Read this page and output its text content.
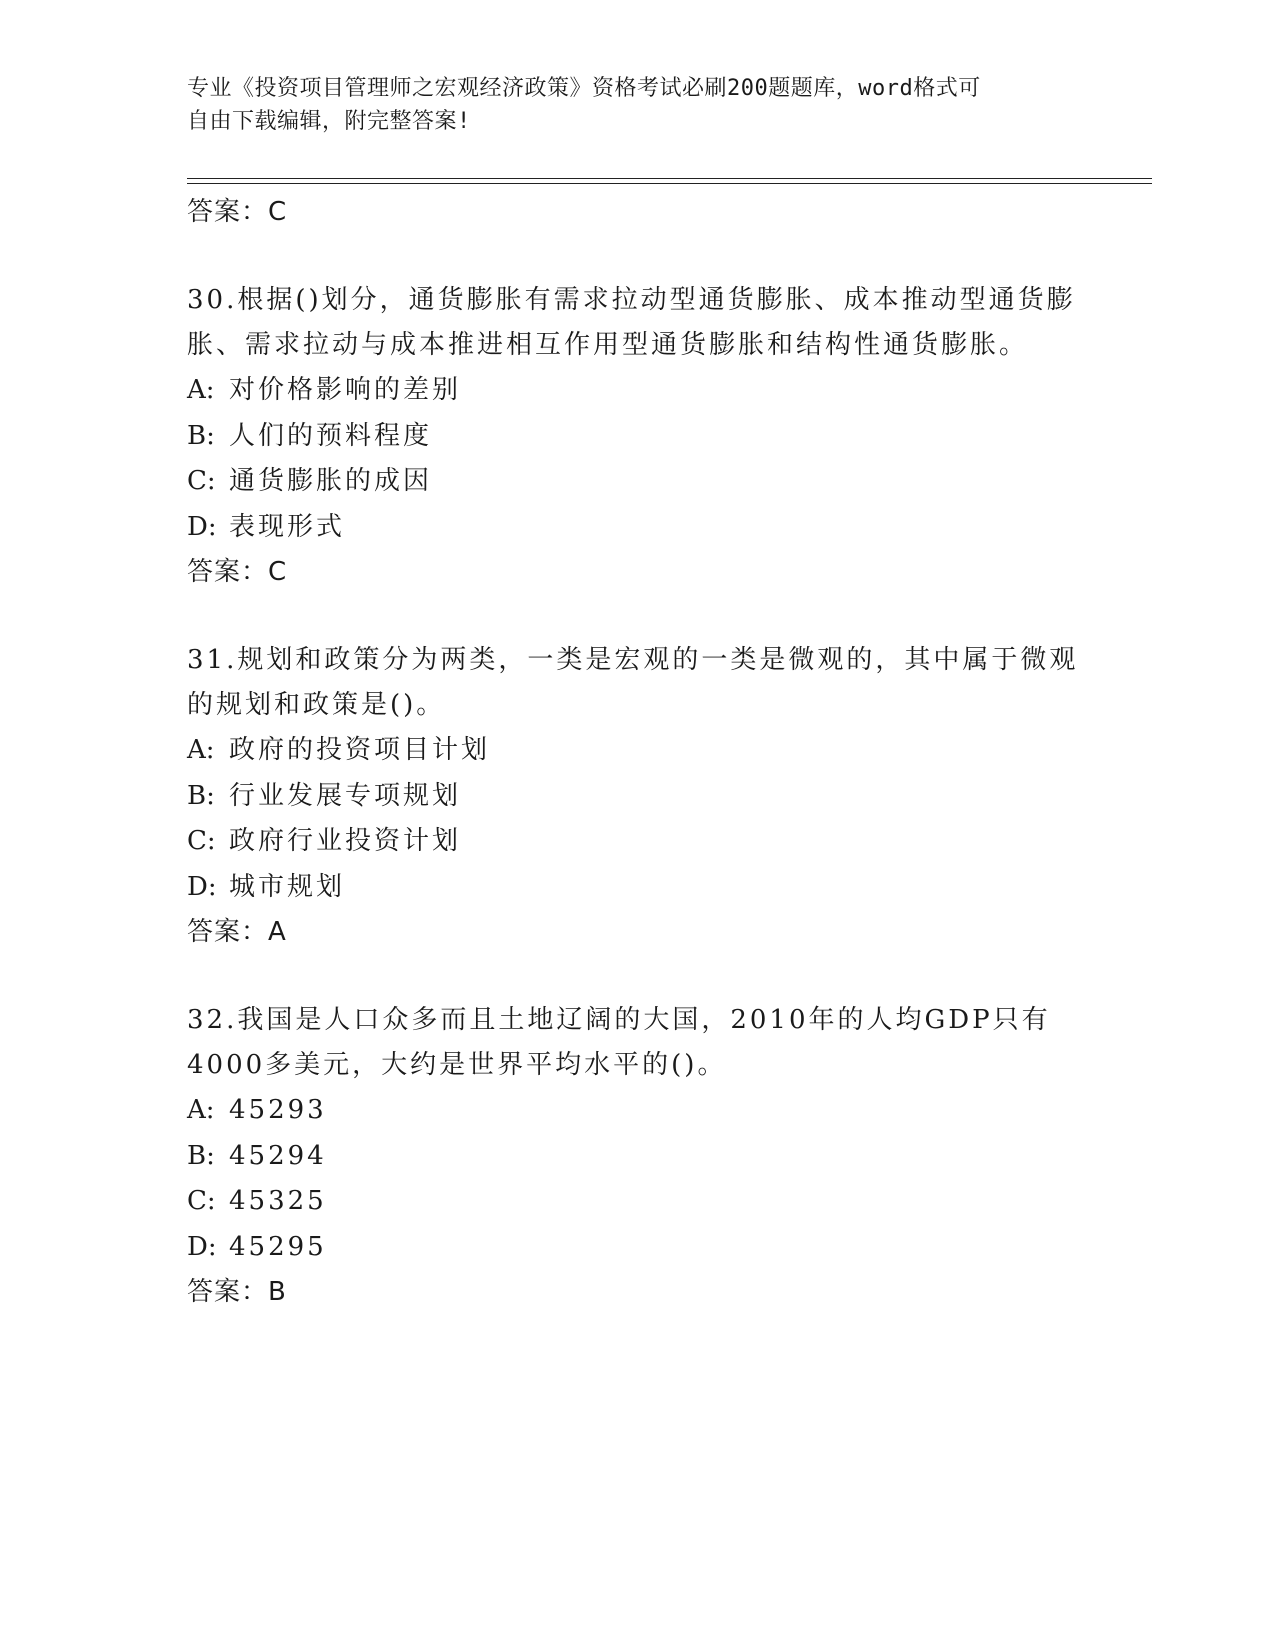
专业《投资项目管理师之宏观经济政策》资格考试必刷200题题库，word格式可
自由下载编辑，附完整答案!
答案：C
30.根据()划分，通货膨胀有需求拉动型通货膨胀、成本推动型通货膨
胀、需求拉动与成本推进相互作用型通货膨胀和结构性通货膨胀。
A: 对价格影响的差别
B: 人们的预料程度
C: 通货膨胀的成因
D: 表现形式
答案：C
31.规划和政策分为两类，一类是宏观的一类是微观的，其中属于微观
的规划和政策是()。
A: 政府的投资项目计划
B: 行业发展专项规划
C: 政府行业投资计划
D: 城市规划
答案：A
32.我国是人口众多而且土地辽阔的大国，2010年的人均GDP只有
4000多美元，大约是世界平均水平的()。
A: 45293
B: 45294
C: 45325
D: 45295
答案：B
